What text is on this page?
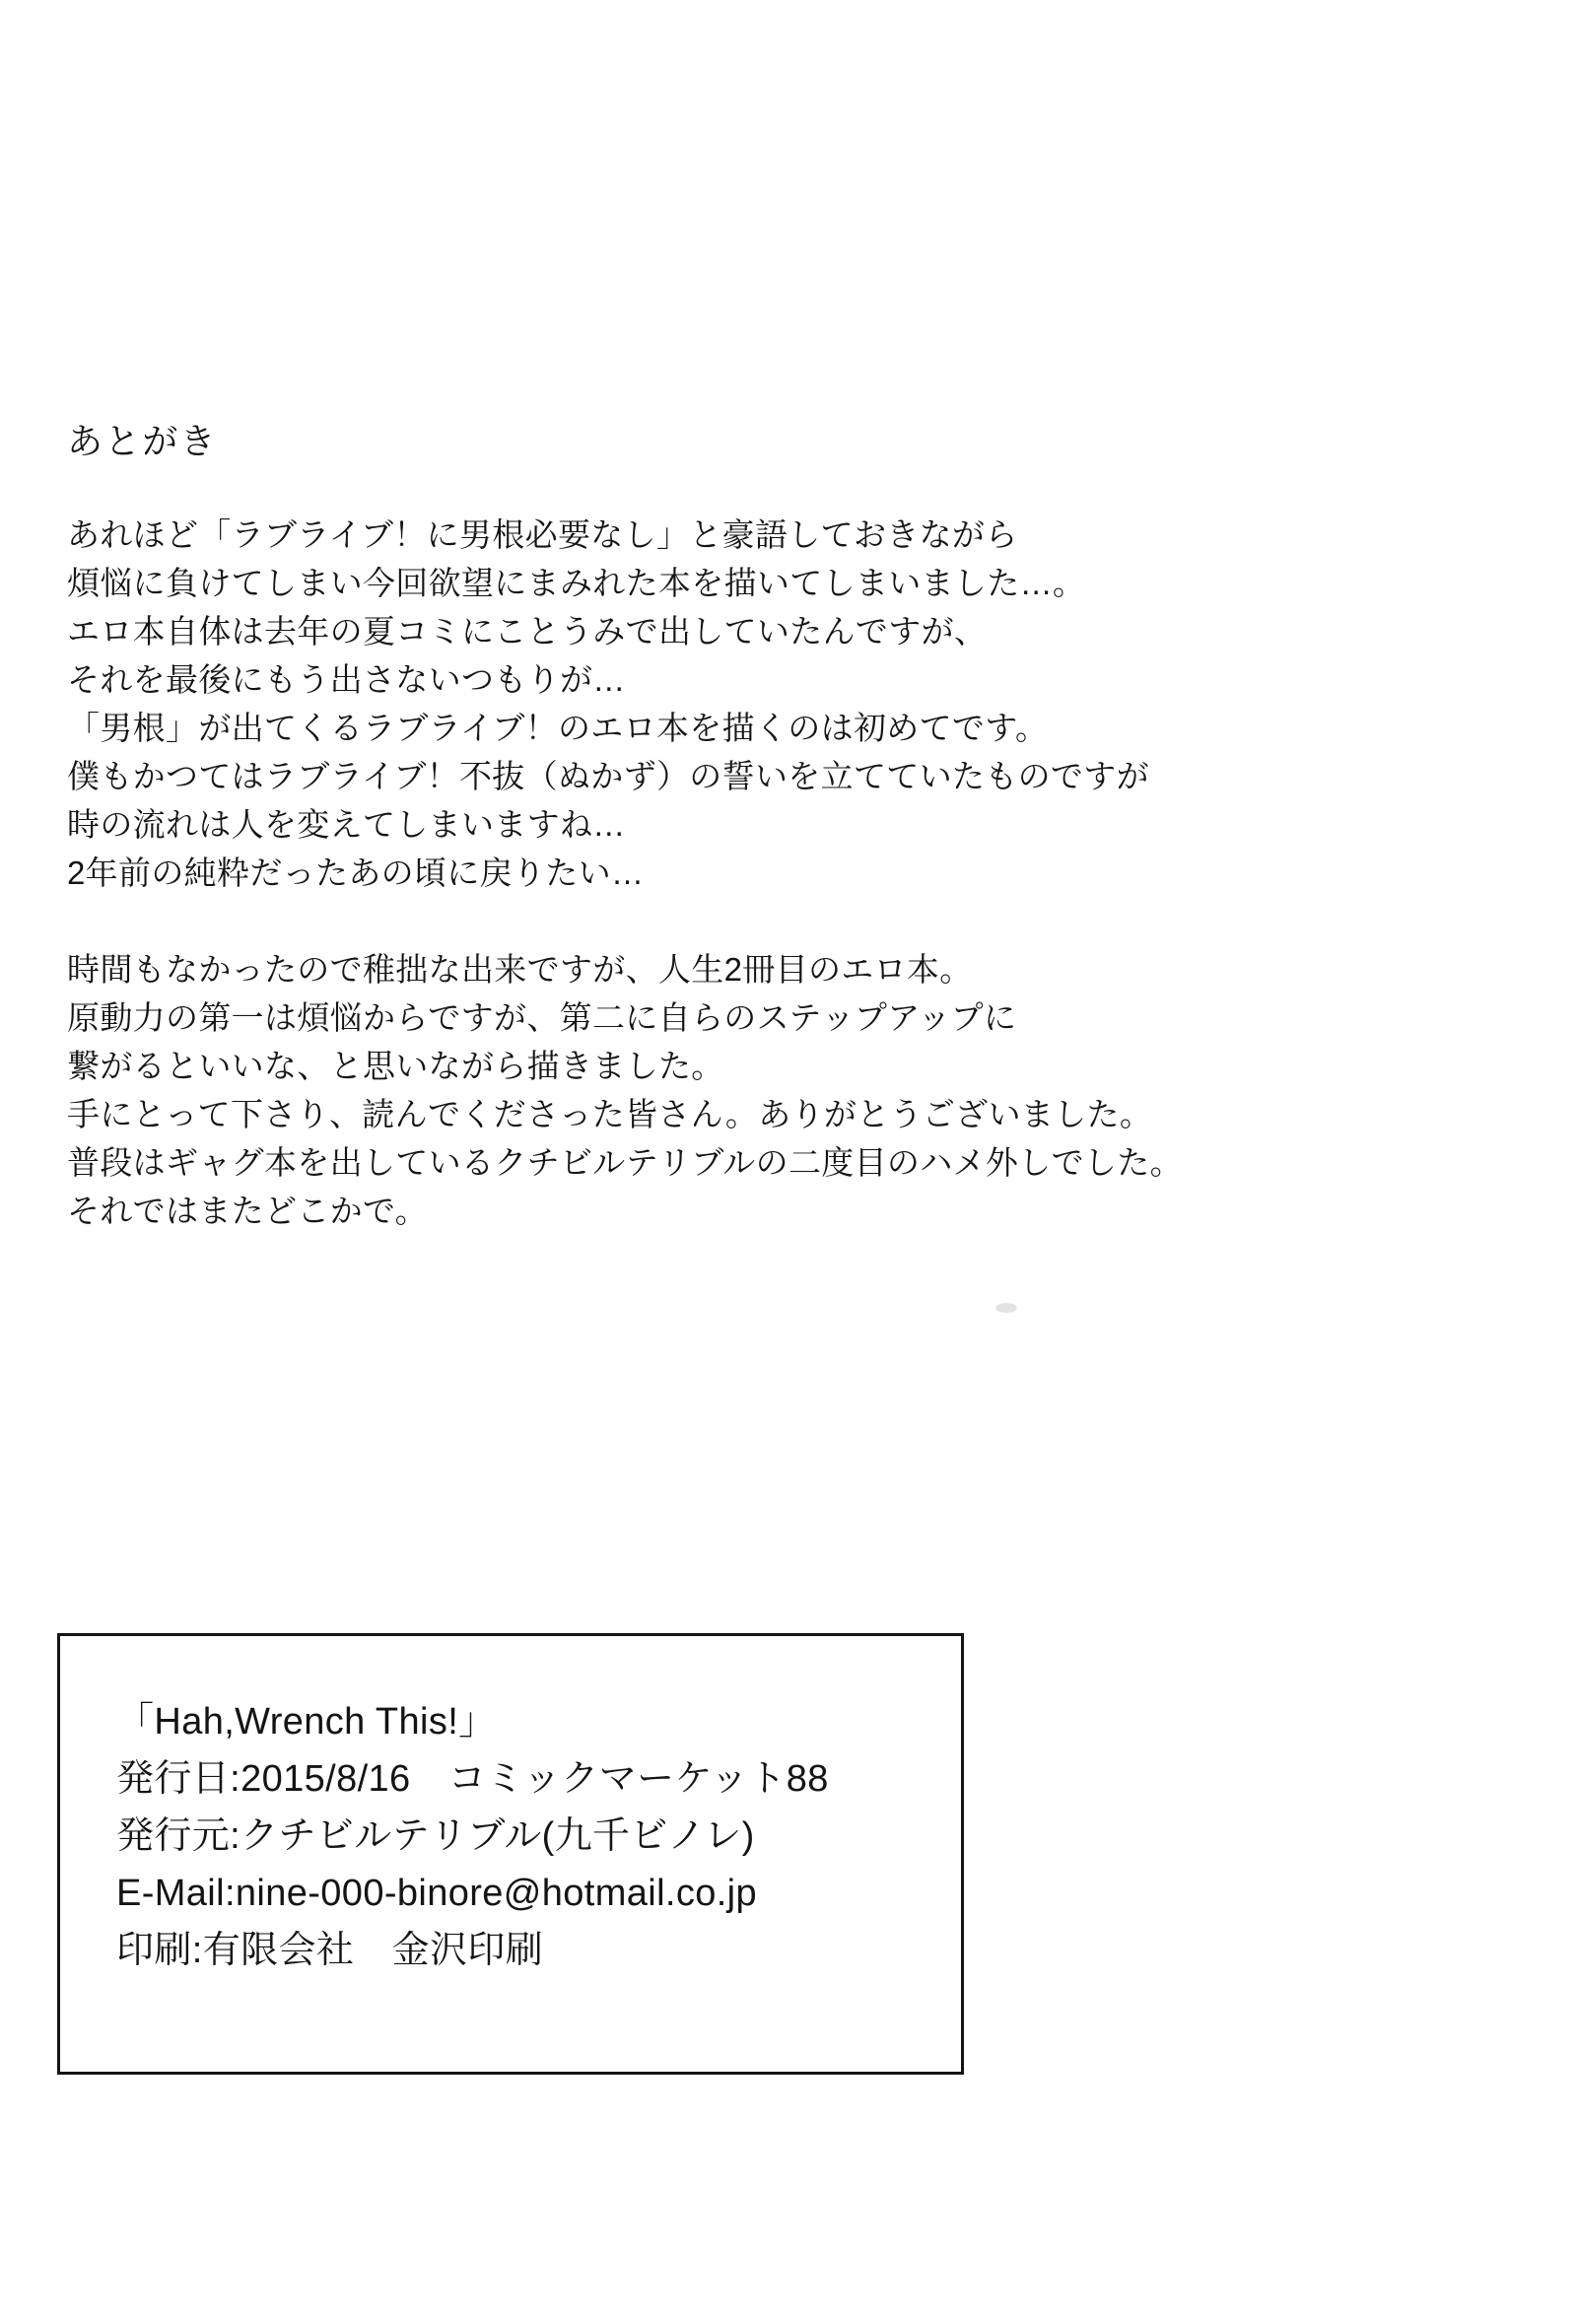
あとがき

あれほど「ラブライブ！に男根必要なし」と豪語しておきながら

煩悩に負けてしまい今回欲望にまみれた本を描いてしまいました…。

エロ本自体は去年の夏コミにことうみで出していたんですが、

それを最後にもう出さないつもりが…

「男根」が出てくるラブライブ！のエロ本を描くのは初めてです。

僕もかつてはラブライブ！不抜（ぬかず）の誓いを立てていたものですが

時の流れは人を変えてしまいますね…

2年前の純粋だったあの頃に戻りたい…

時間もなかったので稚拙な出来ですが、人生2冊目のエロ本。

原動力の第一は煩悩からですが、第二に自らのステップアップに

繋がるといいな、と思いながら描きました。

手にとって下さり、読んでくださった皆さん。ありがとうございました。

普段はギャグ本を出しているクチビルテリブルの二度目のハメ外しでした。

それではまたどこかで。

「Hah,Wrench This!」

発行日:2015/8/16　コミックマーケット88

発行元:クチビルテリブル(九千ビノレ)

E-Mail:nine-000-binore@hotmail.co.jp

印刷:有限会社　金沢印刷
